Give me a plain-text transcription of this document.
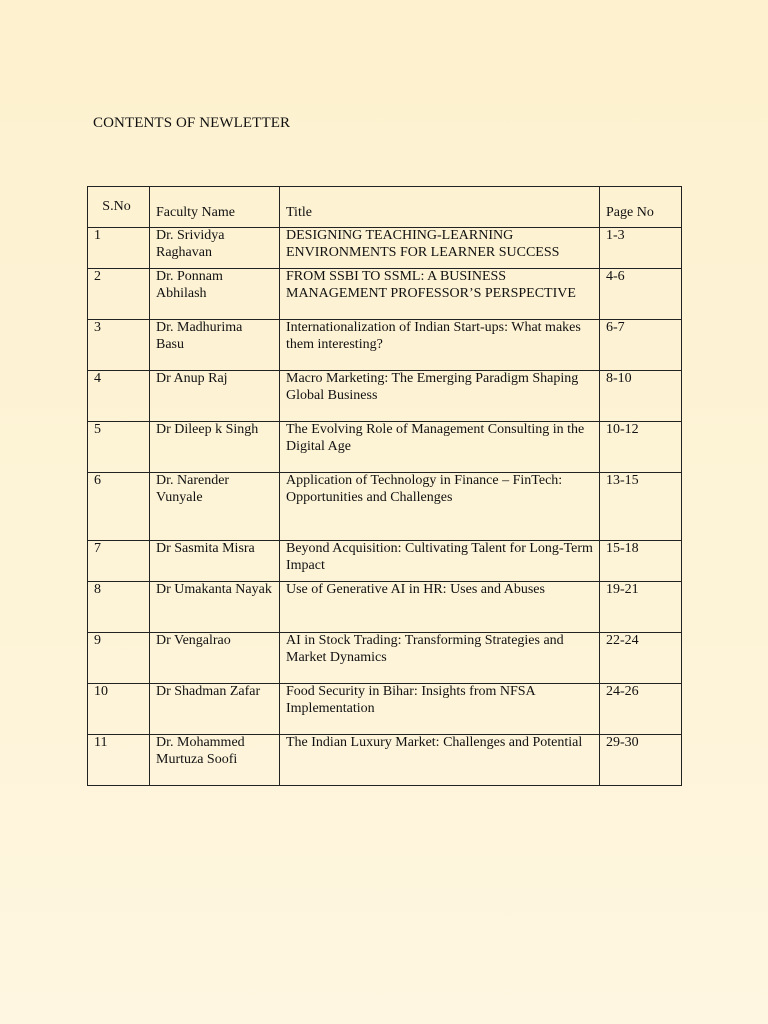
CONTENTS OF NEWLETTER
S.No	Faculty Name	Title	Page No
1	Dr. Srividya Raghavan	DESIGNING TEACHING-LEARNING ENVIRONMENTS FOR LEARNER SUCCESS	1-3
2	Dr. Ponnam Abhilash	FROM SSBI TO SSML: A BUSINESS MANAGEMENT PROFESSOR’S PERSPECTIVE	4-6
3	Dr. Madhurima Basu	Internationalization of Indian Start-ups: What makes them interesting?	6-7
4	Dr Anup Raj	Macro Marketing: The Emerging Paradigm Shaping Global Business	8-10
5	Dr Dileep k Singh	The Evolving Role of Management Consulting in the Digital Age	10-12
6	Dr. Narender Vunyale	Application of Technology in Finance – FinTech: Opportunities and Challenges	13-15
7	Dr Sasmita Misra	Beyond Acquisition: Cultivating Talent for Long-Term Impact	15-18
8	Dr Umakanta Nayak	Use of Generative AI in HR: Uses and Abuses	19-21
9	Dr Vengalrao	AI in Stock Trading: Transforming Strategies and Market Dynamics	22-24
10	Dr Shadman Zafar	Food Security in Bihar: Insights from NFSA Implementation	24-26
11	Dr. Mohammed Murtuza Soofi	The Indian Luxury Market: Challenges and Potential	29-30
